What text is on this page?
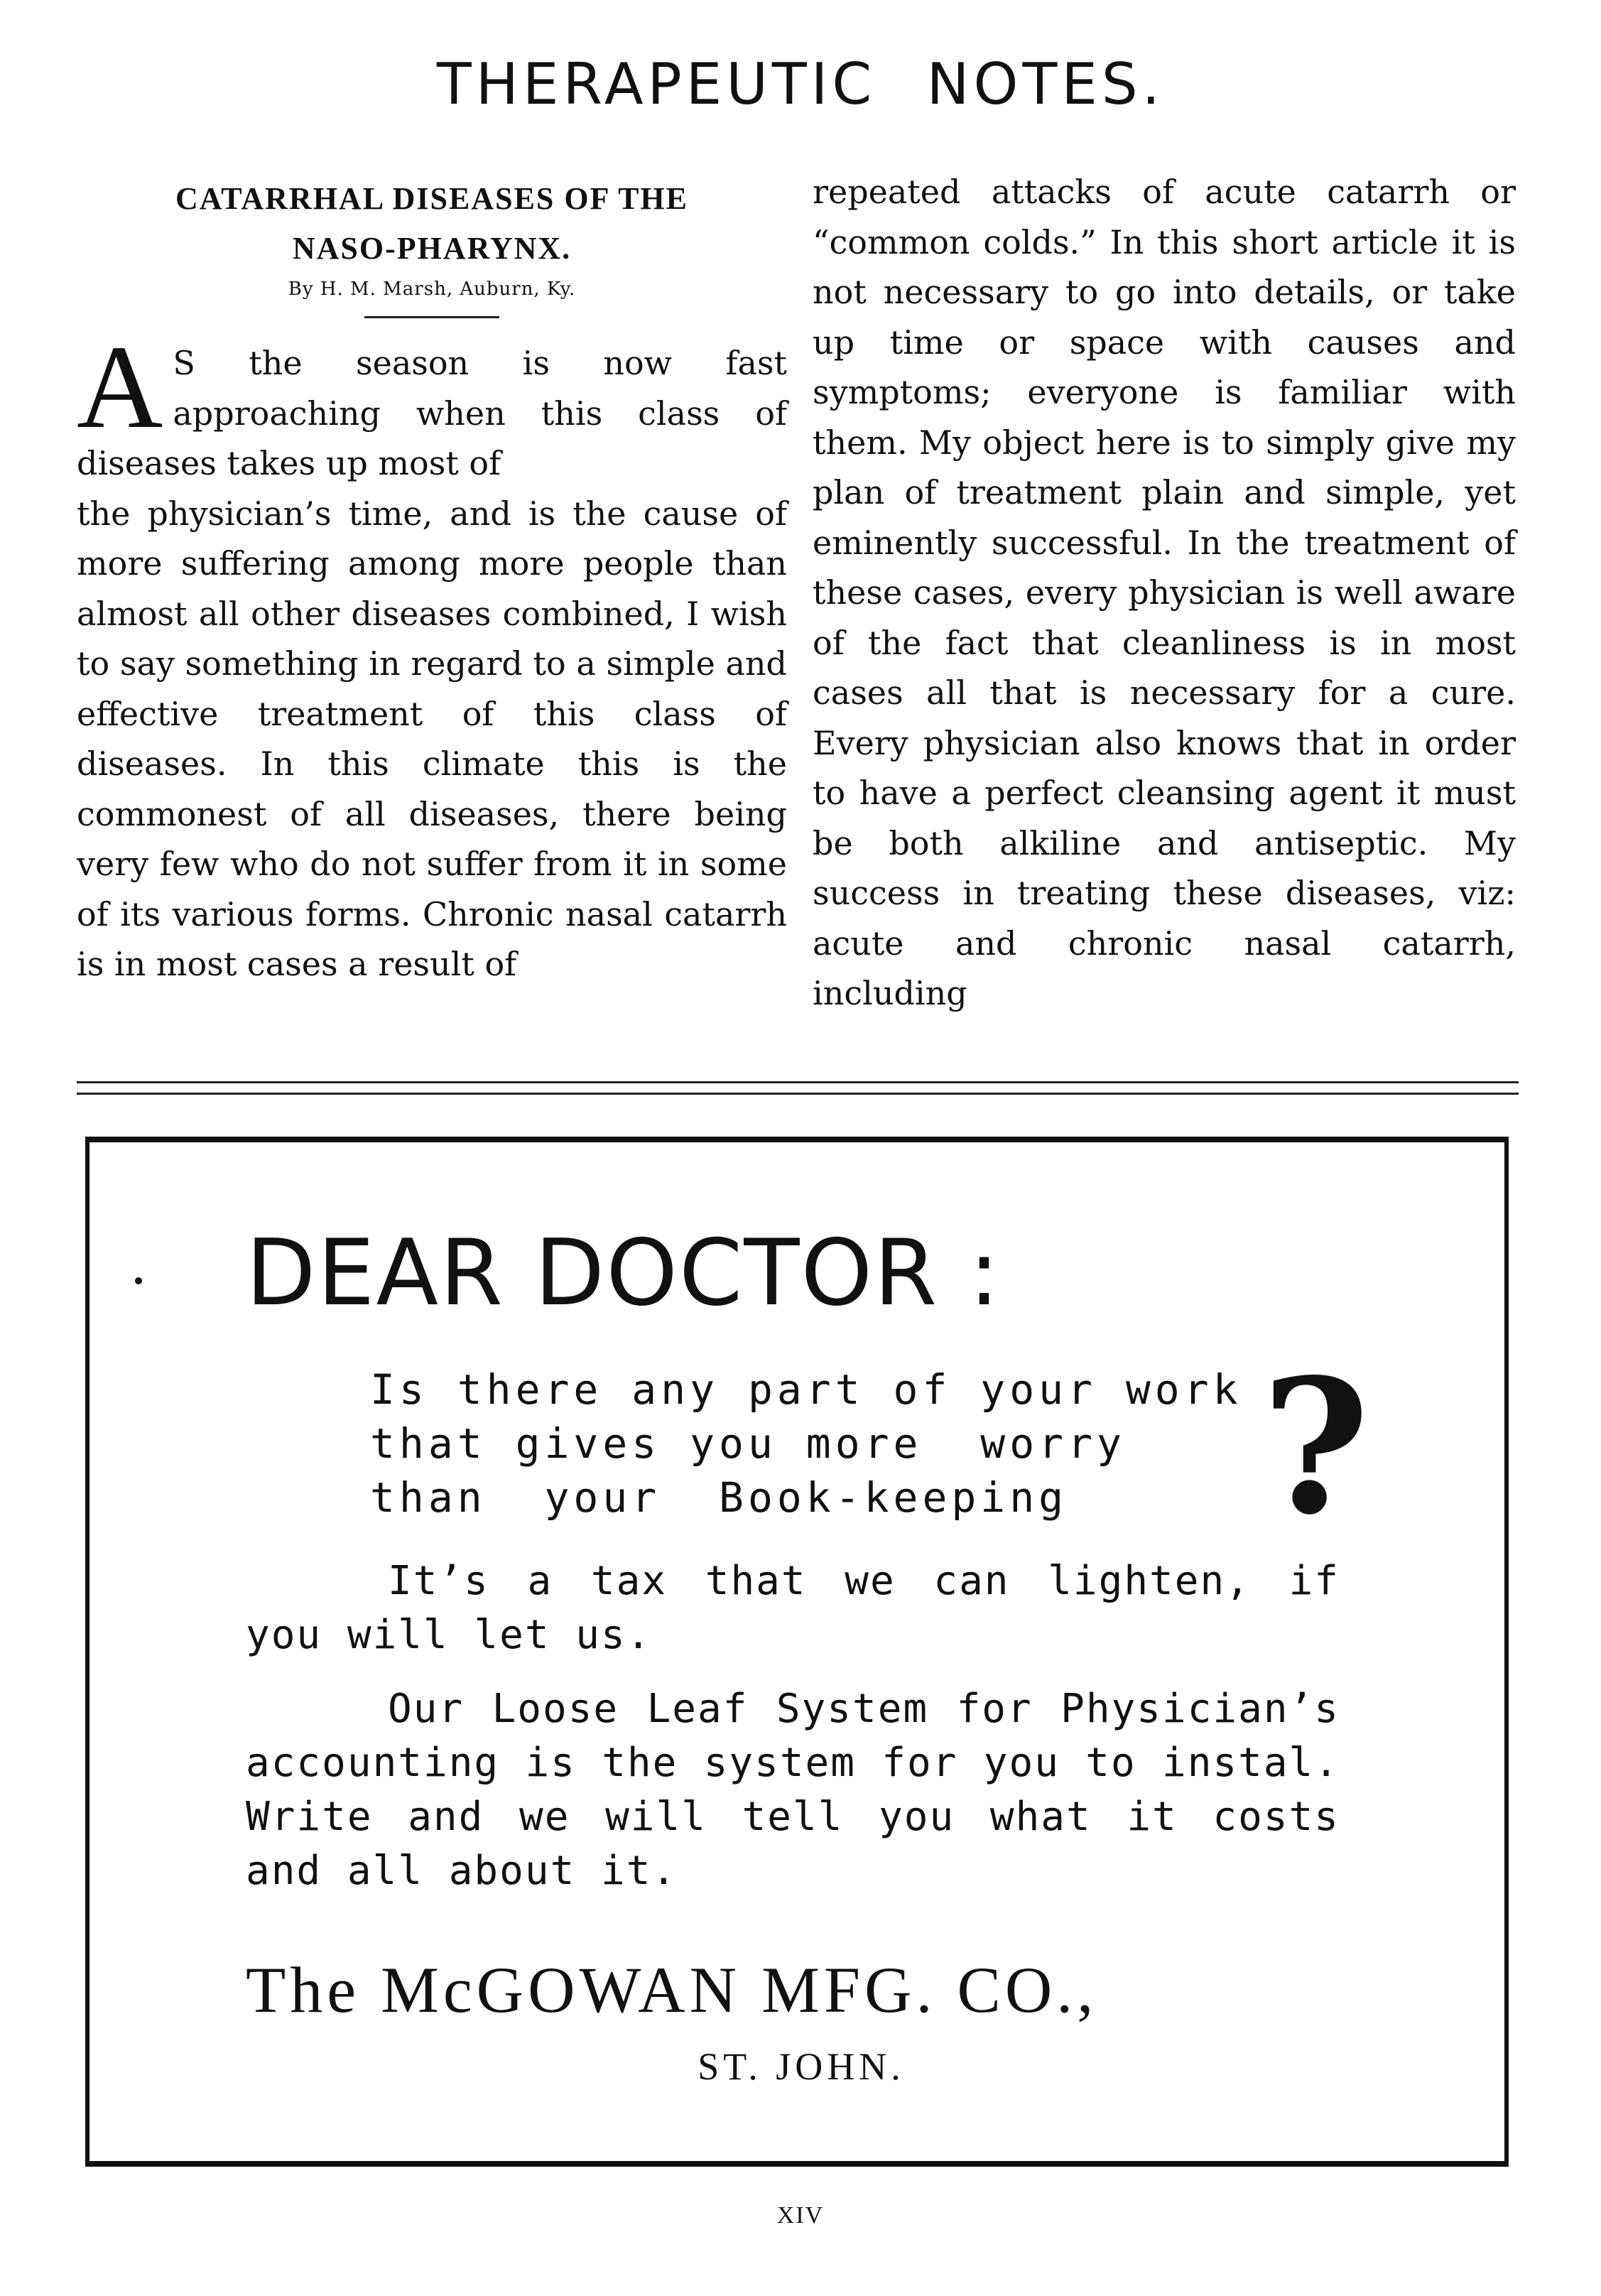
THERAPEUTIC NOTES.
CATARRHAL DISEASES OF THE
NASO-PHARYNX.
By H. M. Marsh, Auburn, Ky.

A S the season is now fast approaching when this class of diseases takes up most of

the physician’s time, and is the cause of more suffering among more people than almost all other diseases combined, I wish to say something in regard to a simple and effective treatment of this class of diseases. In this climate this is the commonest of all diseases, there being very few who do not suffer from it in some of its various forms. Chronic nasal catarrh is in most cases a result of

repeated attacks of acute catarrh or “common colds.” In this short article it is not necessary to go into details, or take up time or space with causes and symptoms; everyone is familiar with them. My object here is to simply give my plan of treatment plain and simple, yet eminently successful. In the treatment of these cases, every physician is well aware of the fact that cleanliness is in most cases all that is necessary for a cure. Every physician also knows that in order to have a perfect cleansing agent it must be both alkiline and antiseptic. My success in treating these diseases, viz: acute and chronic nasal catarrh, including

DEAR DOCTOR :
Is there any part of your work
that gives you more  worry
than  your  Book-keeping	?
It’s a tax that we can lighten, if you will let us.
Our Loose Leaf System for Physician’s accounting is the system for you to instal. Write and we will tell you what it costs and all about it.
The McGOWAN MFG. CO.,
ST. JOHN.
XIV
